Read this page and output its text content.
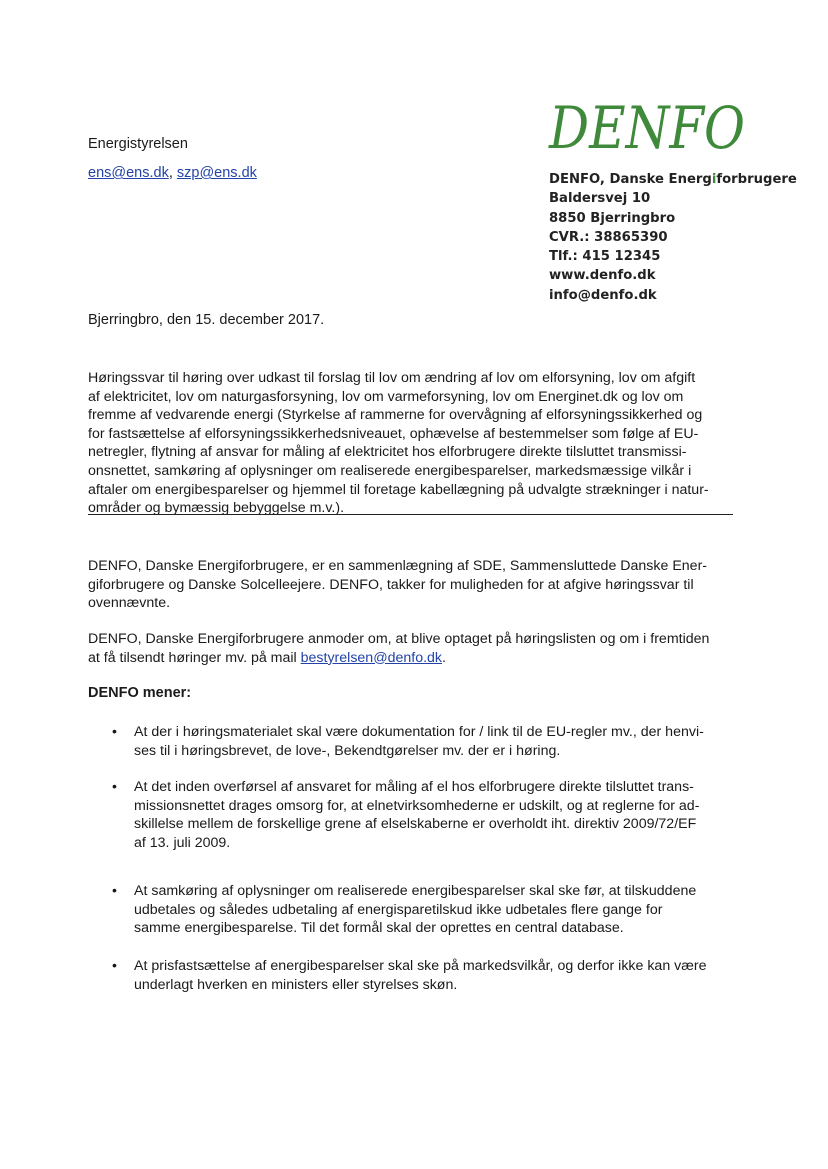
Energistyrelsen
ens@ens.dk, szp@ens.dk
DENFO
DENFO, Danske Energiforbrugere
Baldersvej 10
8850 Bjerringbro
CVR.: 38865390
Tlf.: 415 12345
www.denfo.dk
info@denfo.dk
Bjerringbro, den 15. december 2017.
Høringssvar til høring over udkast til forslag til lov om ændring af lov om elforsyning, lov om afgift
af elektricitet, lov om naturgasforsyning, lov om varmeforsyning, lov om Energinet.dk og lov om
fremme af vedvarende energi (Styrkelse af rammerne for overvågning af elforsyningssikkerhed og
for fastsættelse af elforsyningssikkerhedsniveauet, ophævelse af bestemmelser som følge af EU-
netregler, flytning af ansvar for måling af elektricitet hos elforbrugere direkte tilsluttet transmissi-
onsnettet, samkøring af oplysninger om realiserede energibesparelser, markedsmæssige vilkår i
aftaler om energibesparelser og hjemmel til foretage kabellægning på udvalgte strækninger i natur-
områder og bymæssig bebyggelse m.v.).
DENFO, Danske Energiforbrugere, er en sammenlægning af SDE, Sammensluttede Danske Ener-
giforbrugere og Danske Solcelleejere. DENFO, takker for muligheden for at afgive høringssvar til
ovennævnte.
DENFO, Danske Energiforbrugere anmoder om, at blive optaget på høringslisten og om i fremtiden
at få tilsendt høringer mv. på mail bestyrelsen@denfo.dk.
DENFO mener:
• At der i høringsmaterialet skal være dokumentation for / link til de EU-regler mv., der henvi-
ses til i høringsbrevet, de love-, Bekendtgørelser mv. der er i høring.
• At det inden overførsel af ansvaret for måling af el hos elforbrugere direkte tilsluttet trans-
missionsnettet drages omsorg for, at elnetvirksomhederne er udskilt, og at reglerne for ad-
skillelse mellem de forskellige grene af elselskaberne er overholdt iht. direktiv 2009/72/EF
af 13. juli 2009.
• At samkøring af oplysninger om realiserede energibesparelser skal ske før, at tilskuddene
udbetales og således udbetaling af energisparetilskud ikke udbetales flere gange for
samme energibesparelse. Til det formål skal der oprettes en central database.
• At prisfastsættelse af energibesparelser skal ske på markedsvilkår, og derfor ikke kan være
underlagt hverken en ministers eller styrelses skøn.
